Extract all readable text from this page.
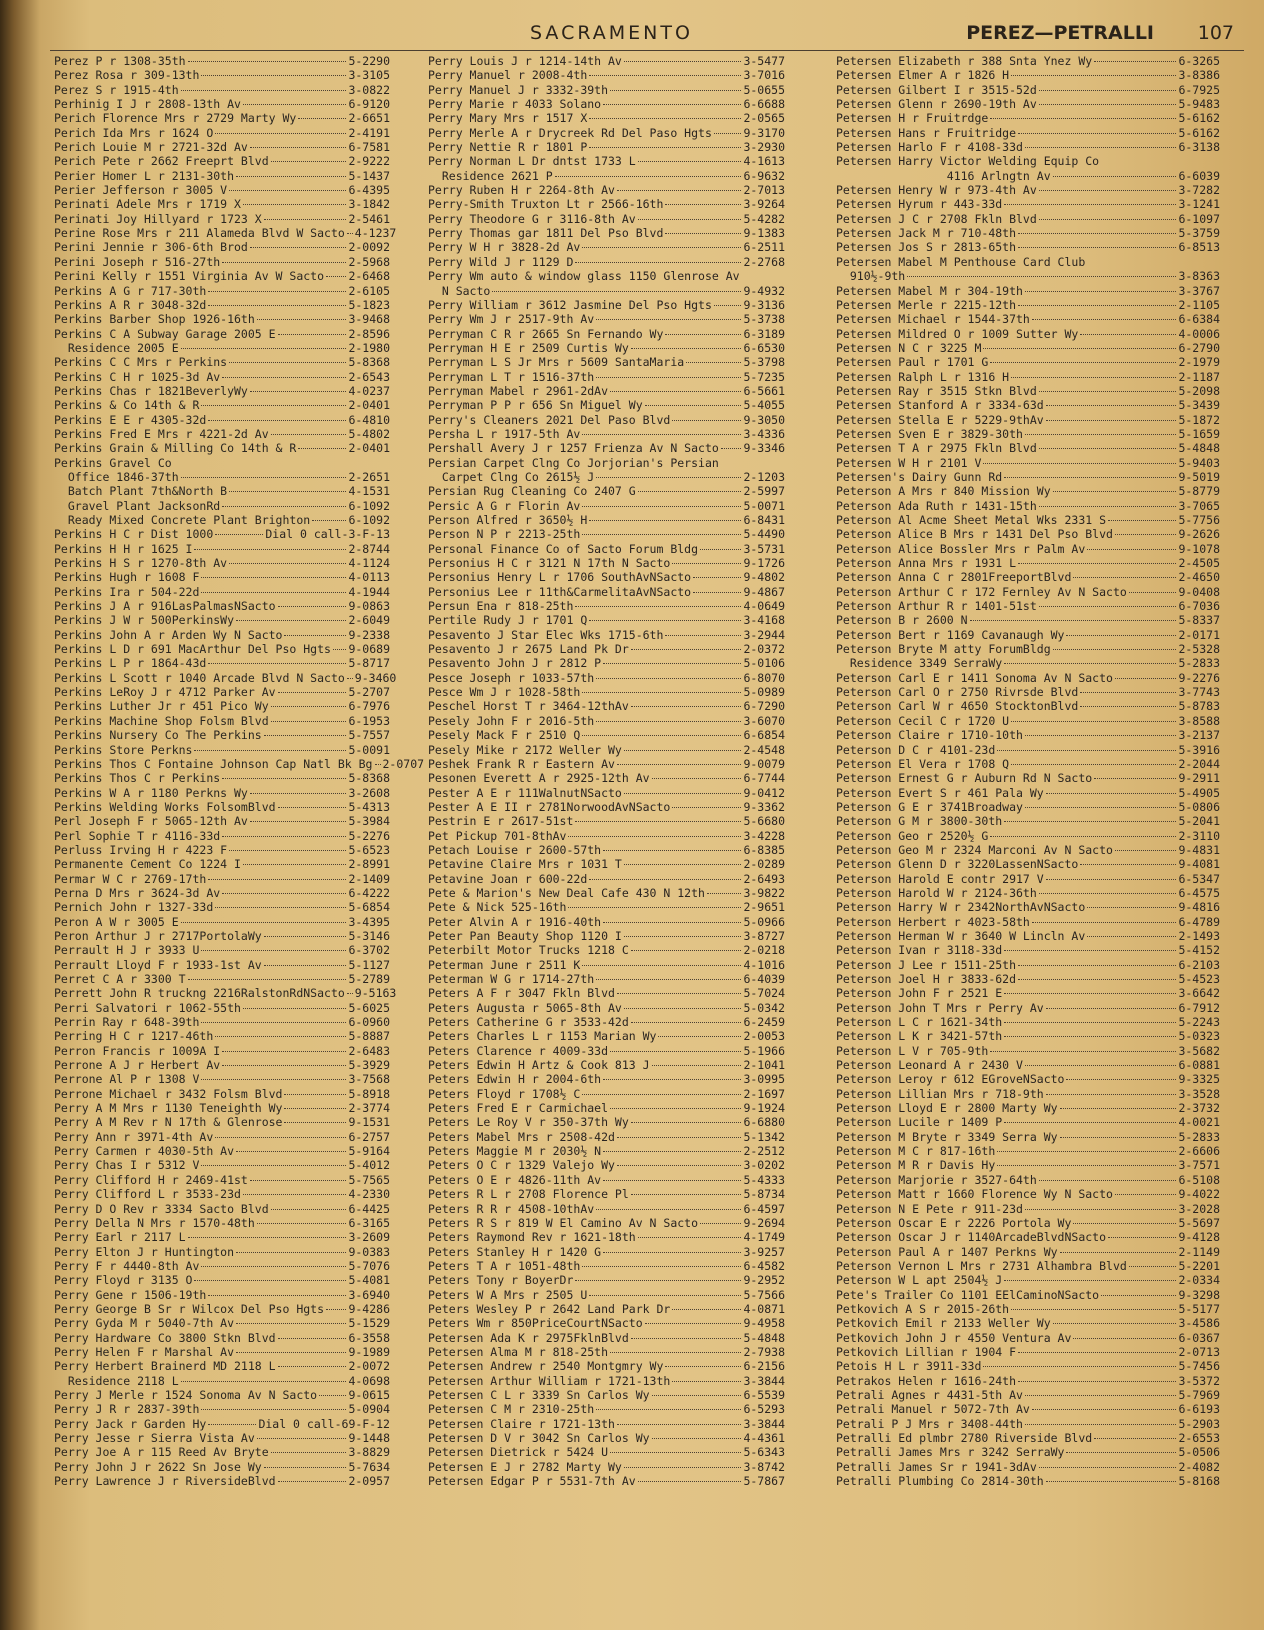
SACRAMENTO	PEREZ—PETRALLI 107
Perez P r 1308-35th	5-2290
Perez Rosa r 309-13th	3-3105
Perez S r 1915-4th	3-0822
Perhinig I J r 2808-13th Av	6-9120
Perich Florence Mrs r 2729 Marty Wy	2-6651
Perich Ida Mrs r 1624 O	2-4191
Perich Louie M r 2721-32d Av	6-7581
Perich Pete r 2662 Freeprt Blvd	2-9222
Perier Homer L r 2131-30th	5-1437
Perier Jefferson r 3005 V	6-4395
Perinati Adele Mrs r 1719 X	3-1842
Perinati Joy Hillyard r 1723 X	2-5461
Perine Rose Mrs r 211 Alameda Blvd W Sacto 4-1237
Perini Jennie r 306-6th Brod	2-0092
Perini Joseph r 516-27th	2-5968
Perini Kelly r 1551 Virginia Av W Sacto 2-6468
Perkins A G r 717-30th	2-6105
Perkins A R r 3048-32d	5-1823
Perkins Barber Shop 1926-16th	3-9468
Perkins C A Subway Garage 2005 E	2-8596
Residence 2005 E	2-1980
Perkins C C Mrs r Perkins	5-8368
Perkins C H r 1025-3d Av	2-6543
Perkins Chas r 1821BeverlyWy	4-0237
Perkins & Co 14th & R	2-0401
Perkins E E r 4305-32d	6-4810
Perkins Fred E Mrs r 4221-2d Av	5-4802
Perkins Grain & Milling Co 14th & R	2-0401
Perkins Gravel Co
Office 1846-37th	2-2651
Batch Plant 7th&North B	4-1531
Gravel Plant JacksonRd	6-1092
Ready Mixed Concrete Plant Brighton	6-1092
Perkins H C r Dist 1000	Dial 0 call-3-F-13
Perkins H H r 1625 I	2-8744
Perkins H S r 1270-8th Av	4-1124
Perkins Hugh r 1608 F	4-0113
Perkins Ira r 504-22d	4-1944
Perkins J A r 916LasPalmasNSacto	9-0863
Perkins J W r 500PerkinsWy	2-6049
Perkins John A r Arden Wy N Sacto	9-2338
Perkins L D r 691 MacArthur Del Pso Hgts 9-0689
Perkins L P r 1864-43d	5-8717
Perkins L Scott r 1040 Arcade Blvd N Sacto 9-3460
Perkins LeRoy J r 4712 Parker Av	5-2707
Perkins Luther Jr r 451 Pico Wy	6-7976
Perkins Machine Shop Folsm Blvd	6-1953
Perkins Nursery Co The Perkins	5-7557
Perkins Store Perkns	5-0091
Perkins Thos C Fontaine Johnson Cap Natl Bk Bg 2-0707
Perkins Thos C r Perkins	5-8368
Perkins W A r 1180 Perkns Wy	3-2608
Perkins Welding Works FolsomBlvd	5-4313
Perl Joseph F r 5065-12th Av	5-3984
Perl Sophie T r 4116-33d	5-2276
Perluss Irving H r 4223 F	5-6523
Permanente Cement Co 1224 I	2-8991
Permar W C r 2769-17th	2-1409
Perna D Mrs r 3624-3d Av	6-4222
Pernich John r 1327-33d	5-6854
Peron A W r 3005 E	3-4395
Peron Arthur J r 2717PortolaWy	5-3146
Perrault H J r 3933 U	6-3702
Perrault Lloyd F r 1933-1st Av	5-1127
Perret C A r 3300 T	5-2789
Perrett John R truckng 2216RalstonRdNSacto 9-5163
Perri Salvatori r 1062-55th	5-6025
Perrin Ray r 648-39th	6-0960
Perring H C r 1217-46th	5-8887
Perron Francis r 1009A I	2-6483
Perrone A J r Herbert Av	5-3929
Perrone Al P r 1308 V	3-7568
Perrone Michael r 3432 Folsm Blvd	5-8918
Perry A M Mrs r 1130 Teneighth Wy	2-3774
Perry A M Rev r N 17th & Glenrose	9-1531
Perry Ann r 3971-4th Av	6-2757
Perry Carmen r 4030-5th Av	5-9164
Perry Chas I r 5312 V	5-4012
Perry Clifford H r 2469-41st	5-7565
Perry Clifford L r 3533-23d	4-2330
Perry D O Rev r 3334 Sacto Blvd	6-4425
Perry Della N Mrs r 1570-48th	6-3165
Perry Earl r 2117 L	3-2609
Perry Elton J r Huntington	9-0383
Perry F r 4440-8th Av	5-7076
Perry Floyd r 3135 O	5-4081
Perry Gene r 1506-19th	3-6940
Perry George B Sr r Wilcox Del Pso Hgts 9-4286
Perry Gyda M r 5040-7th Av	5-1529
Perry Hardware Co 3800 Stkn Blvd	6-3558
Perry Helen F r Marshal Av	9-1989
Perry Herbert Brainerd MD 2118 L	2-0072
Residence 2118 L	4-0698
Perry J Merle r 1524 Sonoma Av N Sacto	9-0615
Perry J R r 2837-39th	5-0904
Perry Jack r Garden Hy	Dial 0 call-69-F-12
Perry Jesse r Sierra Vista Av	9-1448
Perry Joe A r 115 Reed Av Bryte	3-8829
Perry John J r 2622 Sn Jose Wy	5-7634
Perry Lawrence J r RiversideBlvd	2-0957
Perry Louis J r 1214-14th Av	3-5477
Perry Manuel r 2008-4th	3-7016
Perry Manuel J r 3332-39th	5-0655
Perry Marie r 4033 Solano	6-6688
Perry Mary Mrs r 1517 X	2-0565
Perry Merle A r Drycreek Rd Del Paso Hgts	9-3170
Perry Nettie R r 1801 P	3-2930
Perry Norman L Dr dntst 1733 L	4-1613
Residence 2621 P	6-9632
Perry Ruben H r 2264-8th Av	2-7013
Perry-Smith Truxton Lt r 2566-16th	3-9264
Perry Theodore G r 3116-8th Av	5-4282
Perry Thomas gar 1811 Del Pso Blvd	9-1383
Perry W H r 3828-2d Av	6-2511
Perry Wild J r 1129 D	2-2768
Perry Wm auto & window glass 1150 Glenrose Av
N Sacto	9-4932
Perry William r 3612 Jasmine Del Pso Hgts	9-3136
Perry Wm J r 2517-9th Av	5-3738
Perryman C R r 2665 Sn Fernando Wy	6-3189
Perryman H E r 2509 Curtis Wy	6-6530
Perryman L S Jr Mrs r 5609 SantaMaria	5-3798
Perryman L T r 1516-37th	5-7235
Perryman Mabel r 2961-2dAv	6-5661
Perryman P P r 656 Sn Miguel Wy	5-4055
Perry's Cleaners 2021 Del Paso Blvd	9-3050
Persha L r 1917-5th Av	3-4336
Pershall Avery J r 1257 Frienza Av N Sacto 9-3346
Persian Carpet Clng Co Jorjorian's Persian
Carpet Clng Co 2615½ J	2-1203
Persian Rug Cleaning Co 2407 G	2-5997
Persic A G r Florin Av	5-0071
Person Alfred r 3650½ H	6-8431
Person N P r 2213-25th	5-4490
Personal Finance Co of Sacto Forum Bldg	3-5731
Personius H C r 3121 N 17th N Sacto	9-1726
Personius Henry L r 1706 SouthAvNSacto	9-4802
Personius Lee r 11th&CarmelitaAvNSacto	9-4867
Persun Ena r 818-25th	4-0649
Pertile Rudy J r 1701 Q	3-4168
Pesavento J Star Elec Wks 1715-6th	3-2944
Pesavento J r 2675 Land Pk Dr	2-0372
Pesavento John J r 2812 P	5-0106
Pesce Joseph r 1033-57th	6-8070
Pesce Wm J r 1028-58th	5-0989
Peschel Horst T r 3464-12thAv	6-7290
Pesely John F r 2016-5th	3-6070
Pesely Mack F r 2510 Q	6-6854
Pesely Mike r 2172 Weller Wy	2-4548
Peshek Frank R r Eastern Av	9-0079
Pesonen Everett A r 2925-12th Av	6-7744
Pester A E r 111WalnutNSacto	9-0412
Pester A E II r 2781NorwoodAvNSacto	9-3362
Pestrin E r 2617-51st	5-6680
Pet Pickup 701-8thAv	3-4228
Petach Louise r 2600-57th	6-8385
Petavine Claire Mrs r 1031 T	2-0289
Petavine Joan r 600-22d	2-6493
Pete & Marion's New Deal Cafe 430 N 12th	3-9822
Pete & Nick 525-16th	2-9651
Peter Alvin A r 1916-40th	5-0966
Peter Pan Beauty Shop 1120 I	3-8727
Peterbilt Motor Trucks 1218 C	2-0218
Peterman June r 2511 K	4-1016
Peterman W G r 1714-27th	6-4039
Peters A F r 3047 Fkln Blvd	5-7024
Peters Augusta r 5065-8th Av	5-0342
Peters Catherine G r 3533-42d	6-2459
Peters Charles L r 1153 Marian Wy	2-0053
Peters Clarence r 4009-33d	5-1966
Peters Edwin H Artz & Cook 813 J	2-1041
Peters Edwin H r 2004-6th	3-0995
Peters Floyd r 1708½ C	2-1697
Peters Fred E r Carmichael	9-1924
Peters Le Roy V r 350-37th Wy	6-6880
Peters Mabel Mrs r 2508-42d	5-1342
Peters Maggie M r 2030½ N	2-2512
Peters O C r 1329 Valejo Wy	3-0202
Peters O E r 4826-11th Av	5-4333
Peters R L r 2708 Florence Pl	5-8734
Peters R R r 4508-10thAv	6-4597
Peters R S r 819 W El Camino Av N Sacto	9-2694
Peters Raymond Rev r 1621-18th	4-1749
Peters Stanley H r 1420 G	3-9257
Peters T A r 1051-48th	6-4582
Peters Tony r BoyerDr	9-2952
Peters W A Mrs r 2505 U	5-7566
Peters Wesley P r 2642 Land Park Dr	4-0871
Peters Wm r 850PriceCourtNSacto	9-4958
Petersen Ada K r 2975FklnBlvd	5-4848
Petersen Alma M r 818-25th	2-7938
Petersen Andrew r 2540 Montgmry Wy	6-2156
Petersen Arthur William r 1721-13th	3-3844
Petersen C L r 3339 Sn Carlos Wy	6-5539
Petersen C M r 2310-25th	6-5293
Petersen Claire r 1721-13th	3-3844
Petersen D V r 3042 Sn Carlos Wy	4-4361
Petersen Dietrick r 5424 U	5-6343
Petersen E J r 2782 Marty Wy	3-8742
Petersen Edgar P r 5531-7th Av	5-7867
Petersen Elizabeth r 388 Snta Ynez Wy	6-3265
Petersen Elmer A r 1826 H	3-8386
Petersen Gilbert I r 3515-52d	6-7925
Petersen Glenn r 2690-19th Av	5-9483
Petersen H r Fruitrdge	5-6162
Petersen Hans r Fruitridge	5-6162
Petersen Harlo F r 4108-33d	6-3138
Petersen Harry Victor Welding Equip Co
4116 Arlngtn Av	6-6039
Petersen Henry W r 973-4th Av	3-7282
Petersen Hyrum r 443-33d	3-1241
Petersen J C r 2708 Fkln Blvd	6-1097
Petersen Jack M r 710-48th	5-3759
Petersen Jos S r 2813-65th	6-8513
Petersen Mabel M Penthouse Card Club
910½-9th	3-8363
Petersen Mabel M r 304-19th	3-3767
Petersen Merle r 2215-12th	2-1105
Petersen Michael r 1544-37th	6-6384
Petersen Mildred O r 1009 Sutter Wy	4-0006
Petersen N C r 3225 M	6-2790
Petersen Paul r 1701 G	2-1979
Petersen Ralph L r 1316 H	2-1187
Petersen Ray r 3515 Stkn Blvd	5-2098
Petersen Stanford A r 3334-63d	5-3439
Petersen Stella E r 5229-9thAv	5-1872
Petersen Sven E r 3829-30th	5-1659
Petersen T A r 2975 Fkln Blvd	5-4848
Petersen W H r 2101 V	5-9403
Petersen's Dairy Gunn Rd	9-5019
Peterson A Mrs r 840 Mission Wy	5-8779
Peterson Ada Ruth r 1431-15th	3-7065
Peterson Al Acme Sheet Metal Wks 2331 S	5-7756
Peterson Alice B Mrs r 1431 Del Pso Blvd	9-2626
Peterson Alice Bossler Mrs r Palm Av	9-1078
Peterson Anna Mrs r 1931 L	2-4505
Peterson Anna C r 2801FreeportBlvd	2-4650
Peterson Arthur C r 172 Fernley Av N Sacto	9-0408
Peterson Arthur R r 1401-51st	6-7036
Peterson B r 2600 N	5-8337
Peterson Bert r 1169 Cavanaugh Wy	2-0171
Peterson Bryte M atty ForumBldg	2-5328
Residence 3349 SerraWy	5-2833
Peterson Carl E r 1411 Sonoma Av N Sacto	9-2276
Peterson Carl O r 2750 Rivrsde Blvd	3-7743
Peterson Carl W r 4650 StocktonBlvd	5-8783
Peterson Cecil C r 1720 U	3-8588
Peterson Claire r 1710-10th	3-2137
Peterson D C r 4101-23d	5-3916
Peterson El Vera r 1708 Q	2-2044
Peterson Ernest G r Auburn Rd N Sacto	9-2911
Peterson Evert S r 461 Pala Wy	5-4905
Peterson G E r 3741Broadway	5-0806
Peterson G M r 3800-30th	5-2041
Peterson Geo r 2520½ G	2-3110
Peterson Geo M r 2324 Marconi Av N Sacto	9-4831
Peterson Glenn D r 3220LassenNSacto	9-4081
Peterson Harold E contr 2917 V	6-5347
Peterson Harold W r 2124-36th	6-4575
Peterson Harry W r 2342NorthAvNSacto	9-4816
Peterson Herbert r 4023-58th	6-4789
Peterson Herman W r 3640 W Lincln Av	2-1493
Peterson Ivan r 3118-33d	5-4152
Peterson J Lee r 1511-25th	6-2103
Peterson Joel H r 3833-62d	5-4523
Peterson John F r 2521 E	3-6642
Peterson John T Mrs r Perry Av	6-7912
Peterson L C r 1621-34th	5-2243
Peterson L K r 3421-57th	5-0323
Peterson L V r 705-9th	3-5682
Peterson Leonard A r 2430 V	6-0881
Peterson Leroy r 612 EGroveNSacto	9-3325
Peterson Lillian Mrs r 718-9th	3-3528
Peterson Lloyd E r 2800 Marty Wy	2-3732
Peterson Lucile r 1409 P	4-0021
Peterson M Bryte r 3349 Serra Wy	5-2833
Peterson M C r 817-16th	2-6606
Peterson M R r Davis Hy	3-7571
Peterson Marjorie r 3527-64th	6-5108
Peterson Matt r 1660 Florence Wy N Sacto	9-4022
Peterson N E Pete r 911-23d	3-2028
Peterson Oscar E r 2226 Portola Wy	5-5697
Peterson Oscar J r 1140ArcadeBlvdNSacto	9-4128
Peterson Paul A r 1407 Perkns Wy	2-1149
Peterson Vernon L Mrs r 2731 Alhambra Blvd	5-2201
Peterson W L apt 2504½ J	2-0334
Pete's Trailer Co 1101 EElCaminoNSacto	9-3298
Petkovich A S r 2015-26th	5-5177
Petkovich Emil r 2133 Weller Wy	3-4586
Petkovich John J r 4550 Ventura Av	6-0367
Petkovich Lillian r 1904 F	2-0713
Petois H L r 3911-33d	5-7456
Petrakos Helen r 1616-24th	3-5372
Petrali Agnes r 4431-5th Av	5-7969
Petrali Manuel r 5072-7th Av	6-6193
Petrali P J Mrs r 3408-44th	5-2903
Petralli Ed plmbr 2780 Riverside Blvd	2-6553
Petralli James Mrs r 3242 SerraWy	5-0506
Petralli James Sr r 1941-3dAv	2-4082
Petralli Plumbing Co 2814-30th	5-8168
